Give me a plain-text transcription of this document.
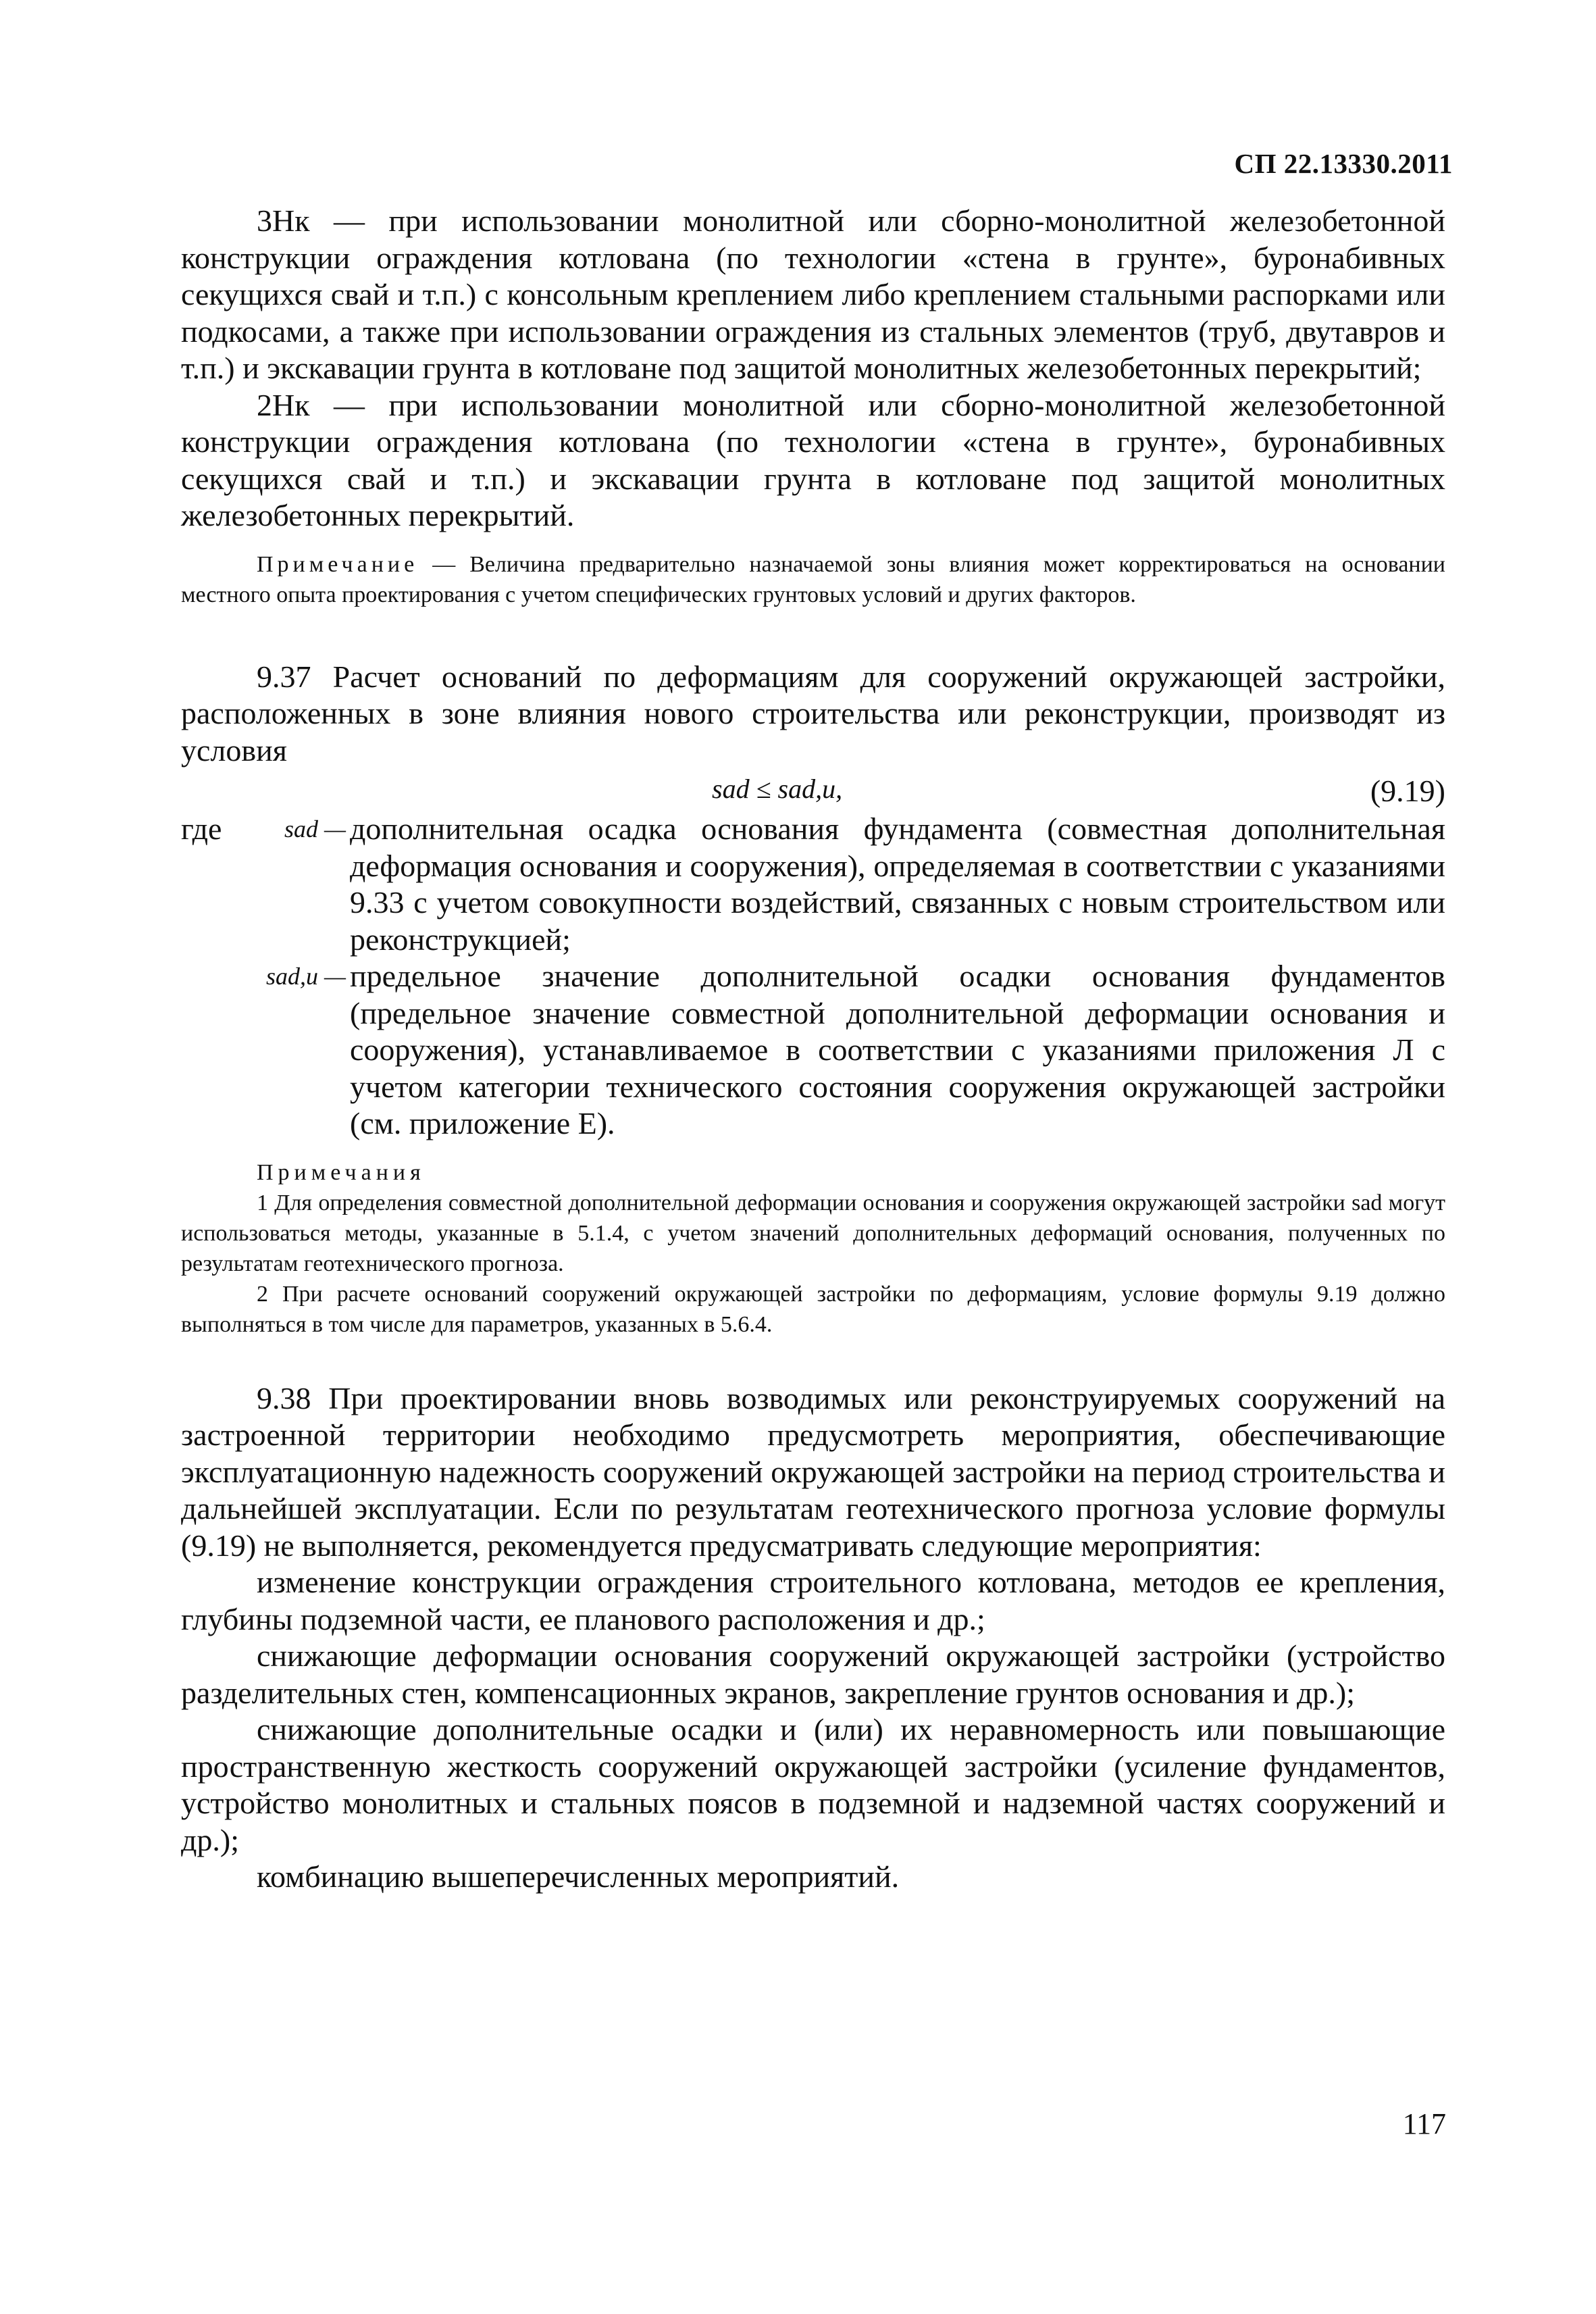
СП 22.13330.2011

3Hк — при использовании монолитной или сборно-монолитной железобетонной конструкции ограждения котлована (по технологии «стена в грунте», буронабивных секущихся свай и т.п.) с консольным креплением либо креплением стальными распорками или подкосами, а также при использовании ограждения из стальных элементов (труб, двутавров и т.п.) и экскавации грунта в котловане под защитой монолитных железобетонных перекрытий;

2Hк — при использовании монолитной или сборно-монолитной железобетонной конструкции ограждения котлована (по технологии «стена в грунте», буронабивных секущихся свай и т.п.) и экскавации грунта в котловане под защитой монолитных железобетонных перекрытий.

Примечание — Величина предварительно назначаемой зоны влияния может корректироваться на основании местного опыта проектирования с учетом специфических грунтовых условий и других факторов.

9.37 Расчет оснований по деформациям для сооружений окружающей застройки, расположенных в зоне влияния нового строительства или реконструкции, производят из условия

sad ≤ sad,u,	(9.19)
где	sad — дополнительная осадка основания фундамента (совместная дополнительная деформация основания и сооружения), определяемая в соответствии с указаниями 9.33 с учетом совокупности воздействий, связанных с новым строительством или реконструкцией;
sad,u — предельное значение дополнительной осадки основания фундаментов (предельное значение совместной дополнительной деформации основания и сооружения), устанавливаемое в соответствии с указаниями приложения Л с учетом категории технического состояния сооружения окружающей застройки (см. приложение Е).

Примечания

1 Для определения совместной дополнительной деформации основания и сооружения окружающей застройки sad могут использоваться методы, указанные в 5.1.4, с учетом значений дополнительных деформаций основания, полученных по результатам геотехнического прогноза.

2 При расчете оснований сооружений окружающей застройки по деформациям, условие формулы 9.19 должно выполняться в том числе для параметров, указанных в 5.6.4.

9.38 При проектировании вновь возводимых или реконструируемых сооружений на застроенной территории необходимо предусмотреть мероприятия, обеспечивающие эксплуатационную надежность сооружений окружающей застройки на период строительства и дальнейшей эксплуатации. Если по результатам геотехнического прогноза условие формулы (9.19) не выполняется, рекомендуется предусматривать следующие мероприятия:

изменение конструкции ограждения строительного котлована, методов ее крепления, глубины подземной части, ее планового расположения и др.;

снижающие деформации основания сооружений окружающей застройки (устройство разделительных стен, компенсационных экранов, закрепление грунтов основания и др.);

снижающие дополнительные осадки и (или) их неравномерность или повышающие пространственную жесткость сооружений окружающей застройки (усиление фундаментов, устройство монолитных и стальных поясов в подземной и надземной частях сооружений и др.);

комбинацию вышеперечисленных мероприятий.

117
